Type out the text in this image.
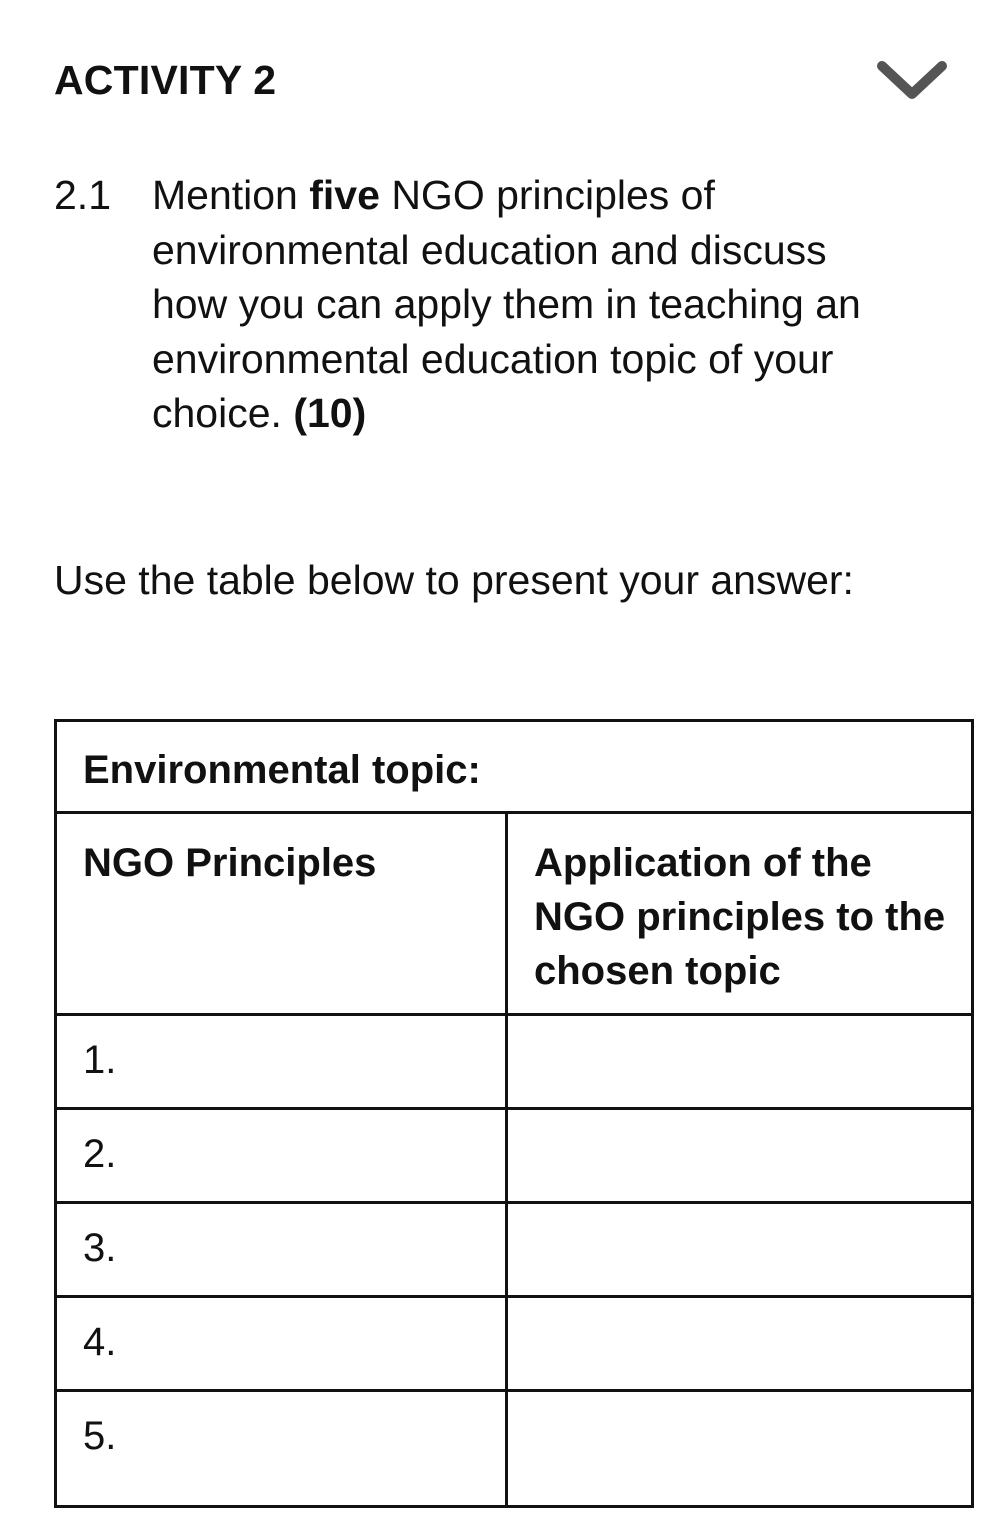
ACTIVITY 2
2.1 Mention five NGO principles of environmental education and discuss how you can apply them in teaching an environmental education topic of your choice. (10)
Use the table below to present your answer:
Environmental topic:	
NGO Principles	Application of the NGO principles to the chosen topic
1.	
2.	
3.	
4.	
5.	
